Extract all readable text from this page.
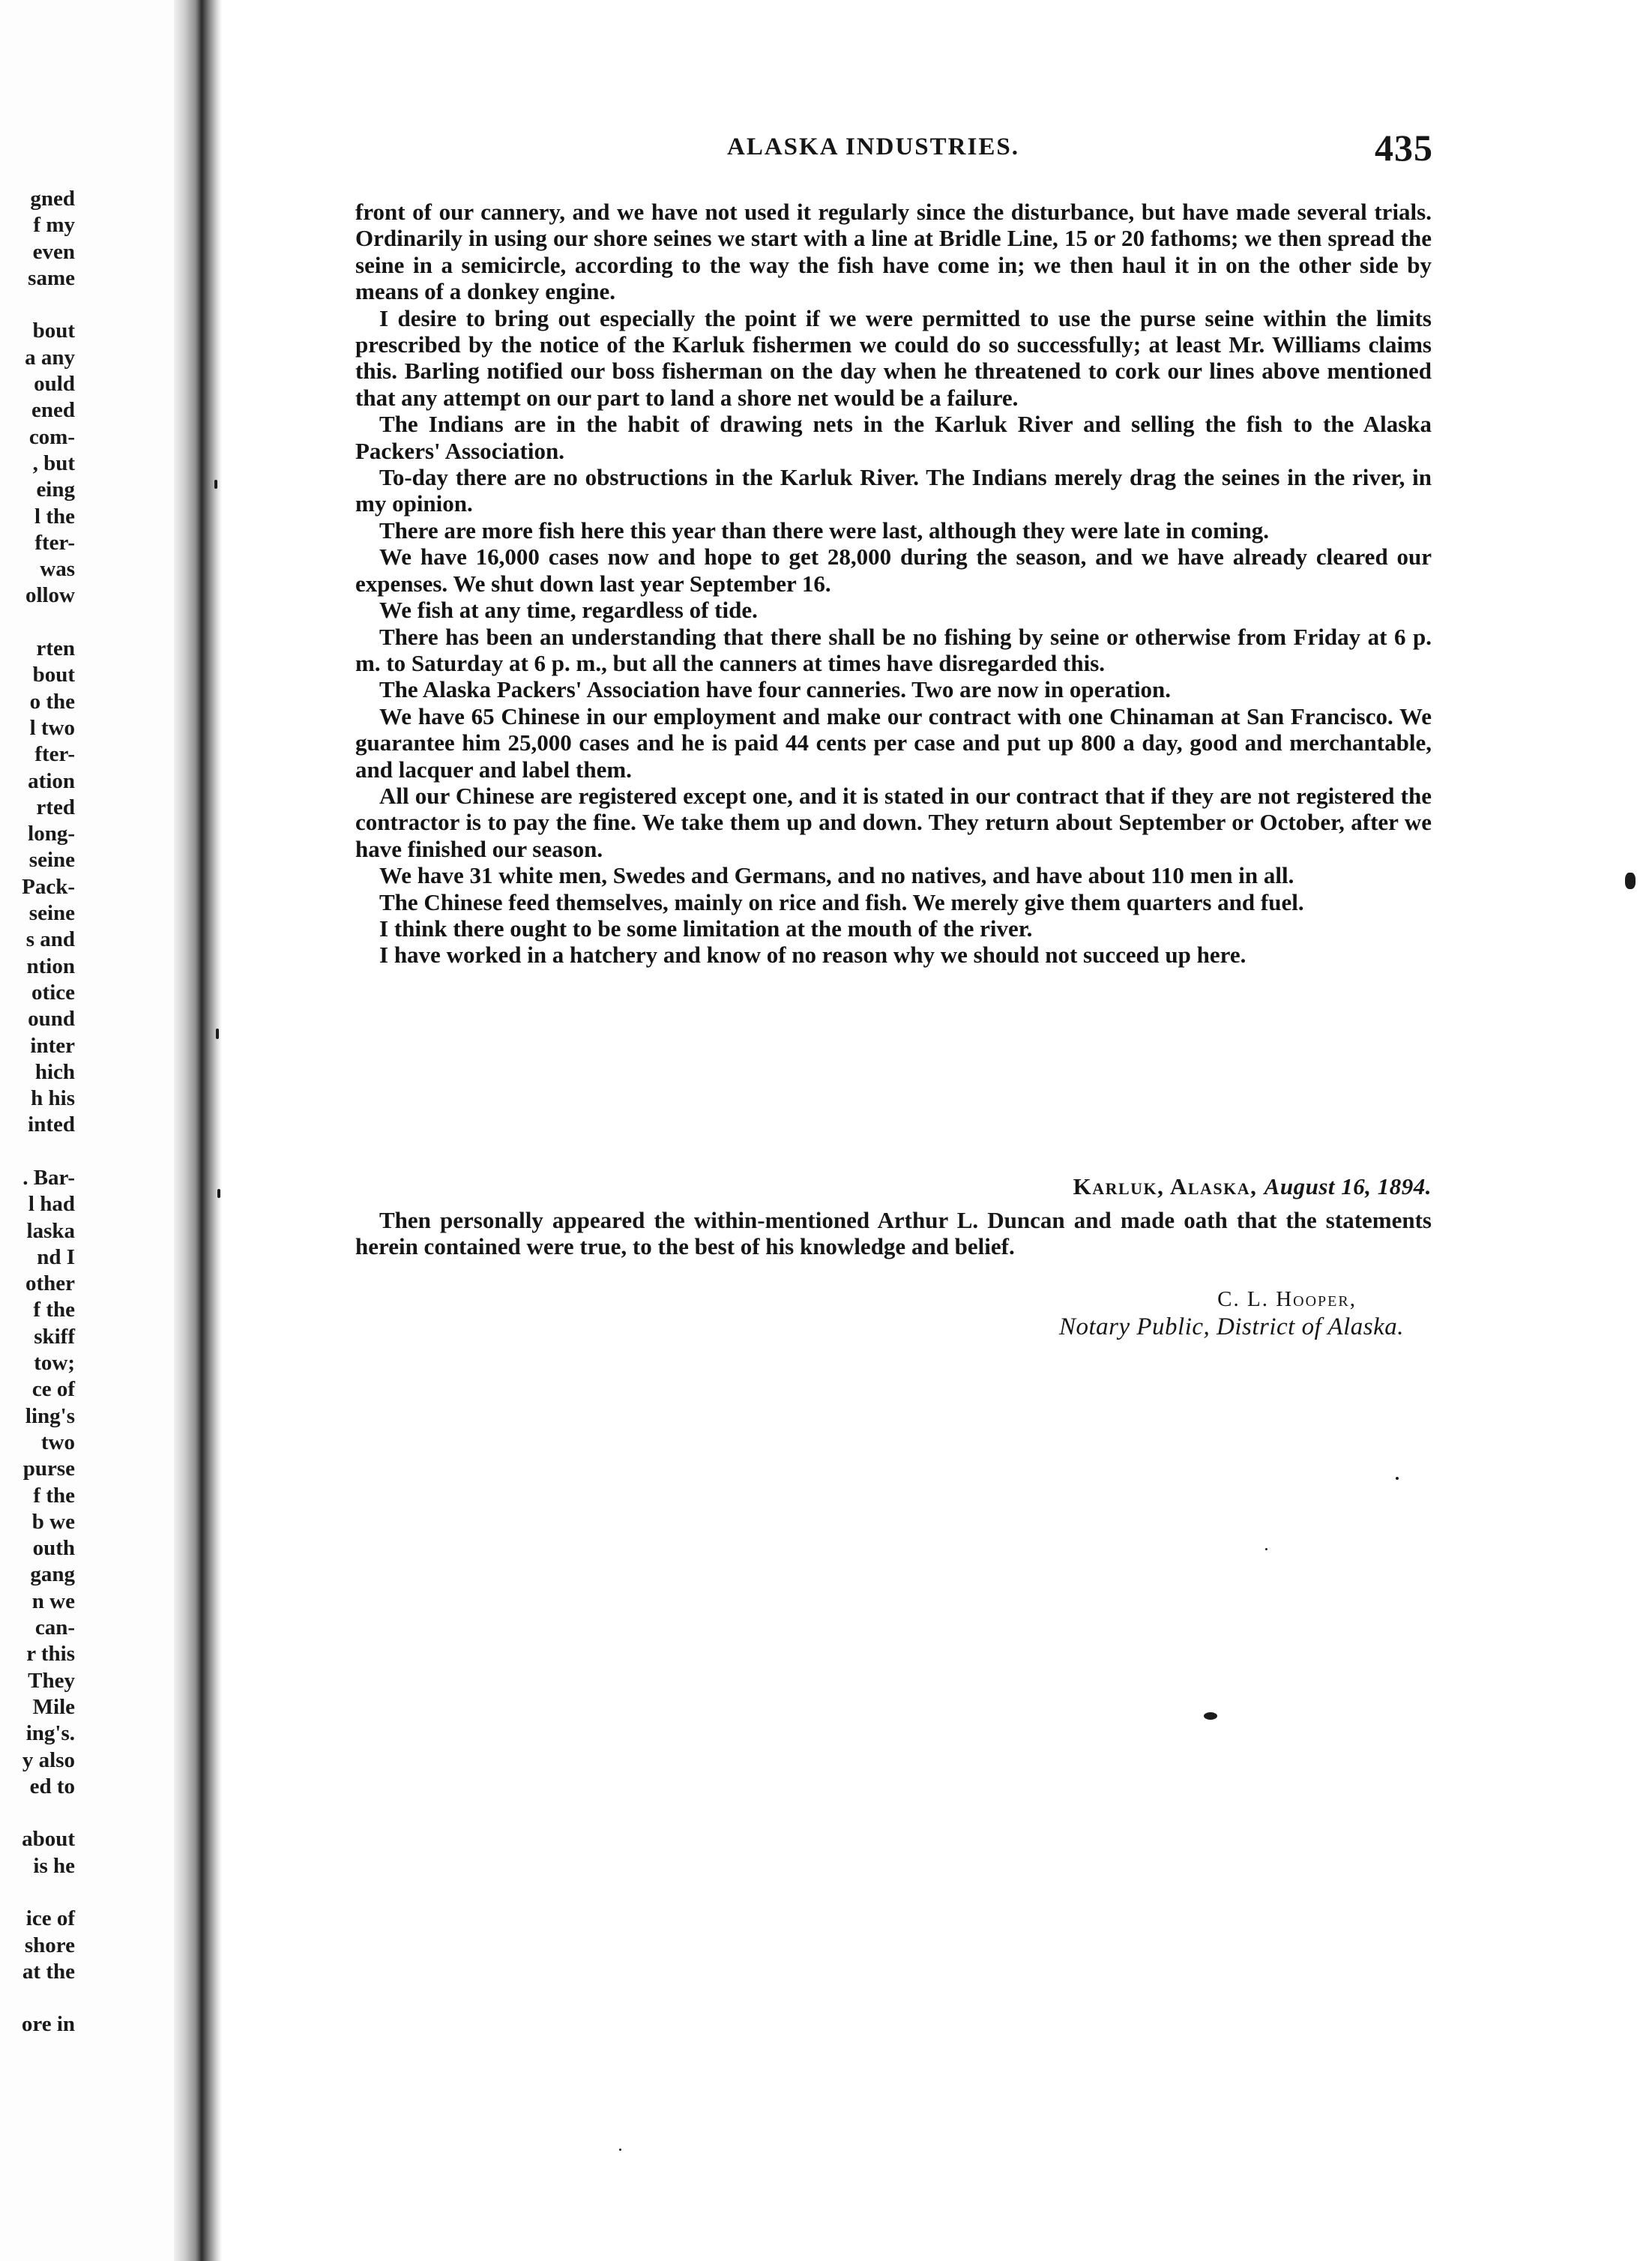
gned
f my
even
same
bout
a any
ould
ened
com-
, but
eing
l the
fter-
was
ollow
rten
bout
o the
l two
fter-
ation
rted
long-
seine
Pack-
seine
s and
ntion
otice
ound
inter
hich
h his
inted
. Bar-
l had
laska
nd I
other
f the
skiff
tow;
ce of
ling's
two
purse
f the
b we
outh
gang
n we
can-
r this
They
Mile
ing's.
y also
ed to
about
is he
ice of
shore
at the
ore in
ALASKA INDUSTRIES.	435

front of our cannery, and we have not used it regularly since the disturbance, but have made several trials. Ordinarily in using our shore seines we start with a line at Bridle Line, 15 or 20 fathoms; we then spread the seine in a semicircle, according to the way the fish have come in; we then haul it in on the other side by means of a donkey engine.

I desire to bring out especially the point if we were permitted to use the purse seine within the limits prescribed by the notice of the Karluk fishermen we could do so successfully; at least Mr. Williams claims this. Barling notified our boss fisherman on the day when he threatened to cork our lines above mentioned that any attempt on our part to land a shore net would be a failure.

The Indians are in the habit of drawing nets in the Karluk River and selling the fish to the Alaska Packers' Association.

To-day there are no obstructions in the Karluk River. The Indians merely drag the seines in the river, in my opinion.

There are more fish here this year than there were last, although they were late in coming.

We have 16,000 cases now and hope to get 28,000 during the season, and we have already cleared our expenses. We shut down last year September 16.

We fish at any time, regardless of tide.

There has been an understanding that there shall be no fishing by seine or otherwise from Friday at 6 p. m. to Saturday at 6 p. m., but all the canners at times have disregarded this.

The Alaska Packers' Association have four canneries. Two are now in operation.

We have 65 Chinese in our employment and make our contract with one Chinaman at San Francisco. We guarantee him 25,000 cases and he is paid 44 cents per case and put up 800 a day, good and merchantable, and lacquer and label them.

All our Chinese are registered except one, and it is stated in our contract that if they are not registered the contractor is to pay the fine. We take them up and down. They return about September or October, after we have finished our season.

We have 31 white men, Swedes and Germans, and no natives, and have about 110 men in all.

The Chinese feed themselves, mainly on rice and fish. We merely give them quarters and fuel.

I think there ought to be some limitation at the mouth of the river.

I have worked in a hatchery and know of no reason why we should not succeed up here.

Karluk, Alaska, August 16, 1894.
Then personally appeared the within-mentioned Arthur L. Duncan and made oath that the statements herein contained were true, to the best of his knowledge and belief.
C. L. Hooper,
Notary Public, District of Alaska.
